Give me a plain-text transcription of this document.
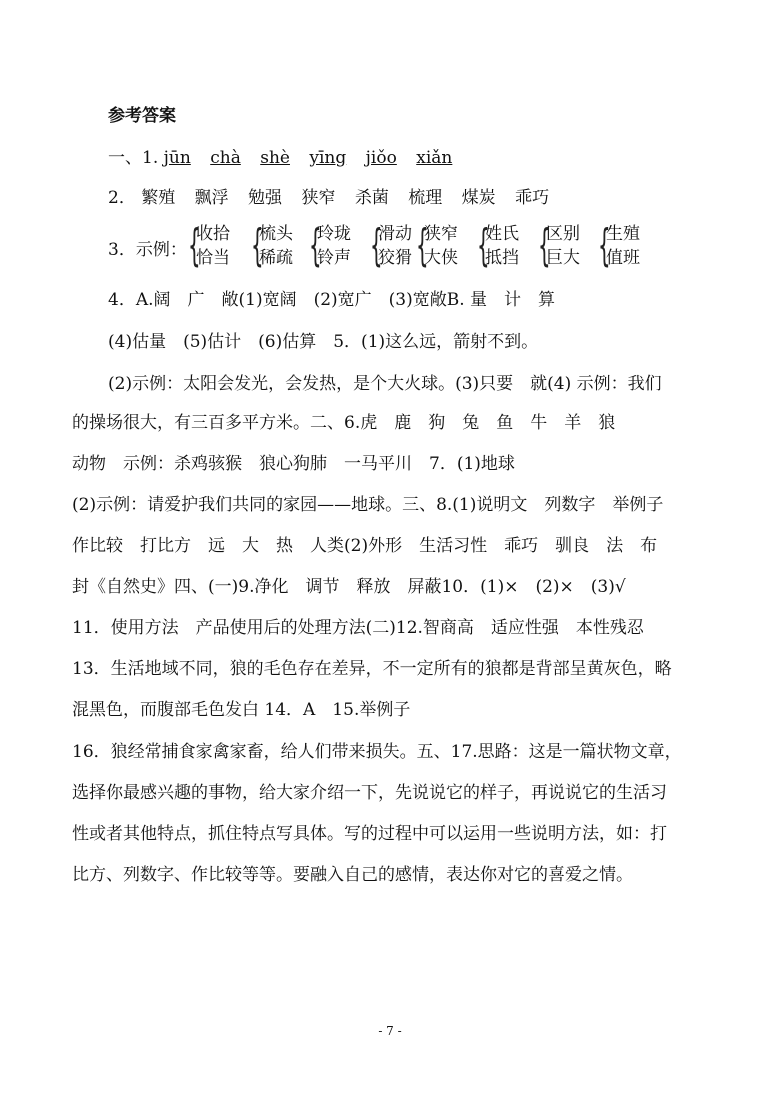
参考答案
一、1. jūn chà shè yīng jiǒo xiǎn
2． 繁殖 飘浮 勉强 狭窄 杀菌 梳理 煤炭 乖巧
3．示例： {
收拾
恰当 {
梳头
稀疏 {
玲珑
铃声 {
滑动
狡猾 {
狭窄
大侠 {
姓氏
抵挡 {
区别
巨大 {
生殖
值班
4．A.阔　广　敞(1)宽阔　(2)宽广　(3)宽敞B. 量　计　算
(4)估量　(5)估计　(6)估算　5．(1)这么远，箭射不到。
(2)示例：太阳会发光，会发热，是个大火球。(3)只要　就(4) 示例：我们
的操场很大，有三百多平方米。二、6.虎　鹿　狗　兔　鱼　牛　羊　狼
动物　示例：杀鸡骇猴　狼心狗肺　一马平川　7．(1)地球
(2)示例：请爱护我们共同的家园——地球。三、8.(1)说明文　列数字　举例子
作比较　打比方　远　大　热　人类(2)外形　生活习性　乖巧　驯良　法　布
封《自然史》四、(一)9.净化　调节　释放　屏蔽10．(1)×　(2)×　(3)√
11．使用方法　产品使用后的处理方法(二)12.智商高　适应性强　本性残忍
13．生活地域不同，狼的毛色存在差异，不一定所有的狼都是背部呈黄灰色，略
混黑色，而腹部毛色发白 14．A　15.举例子
16．狼经常捕食家禽家畜，给人们带来损失。五、17.思路：这是一篇状物文章，
选择你最感兴趣的事物，给大家介绍一下，先说说它的样子，再说说它的生活习
性或者其他特点，抓住特点写具体。写的过程中可以运用一些说明方法，如：打
比方、列数字、作比较等等。要融入自己的感情，表达你对它的喜爱之情。
- 7 -
